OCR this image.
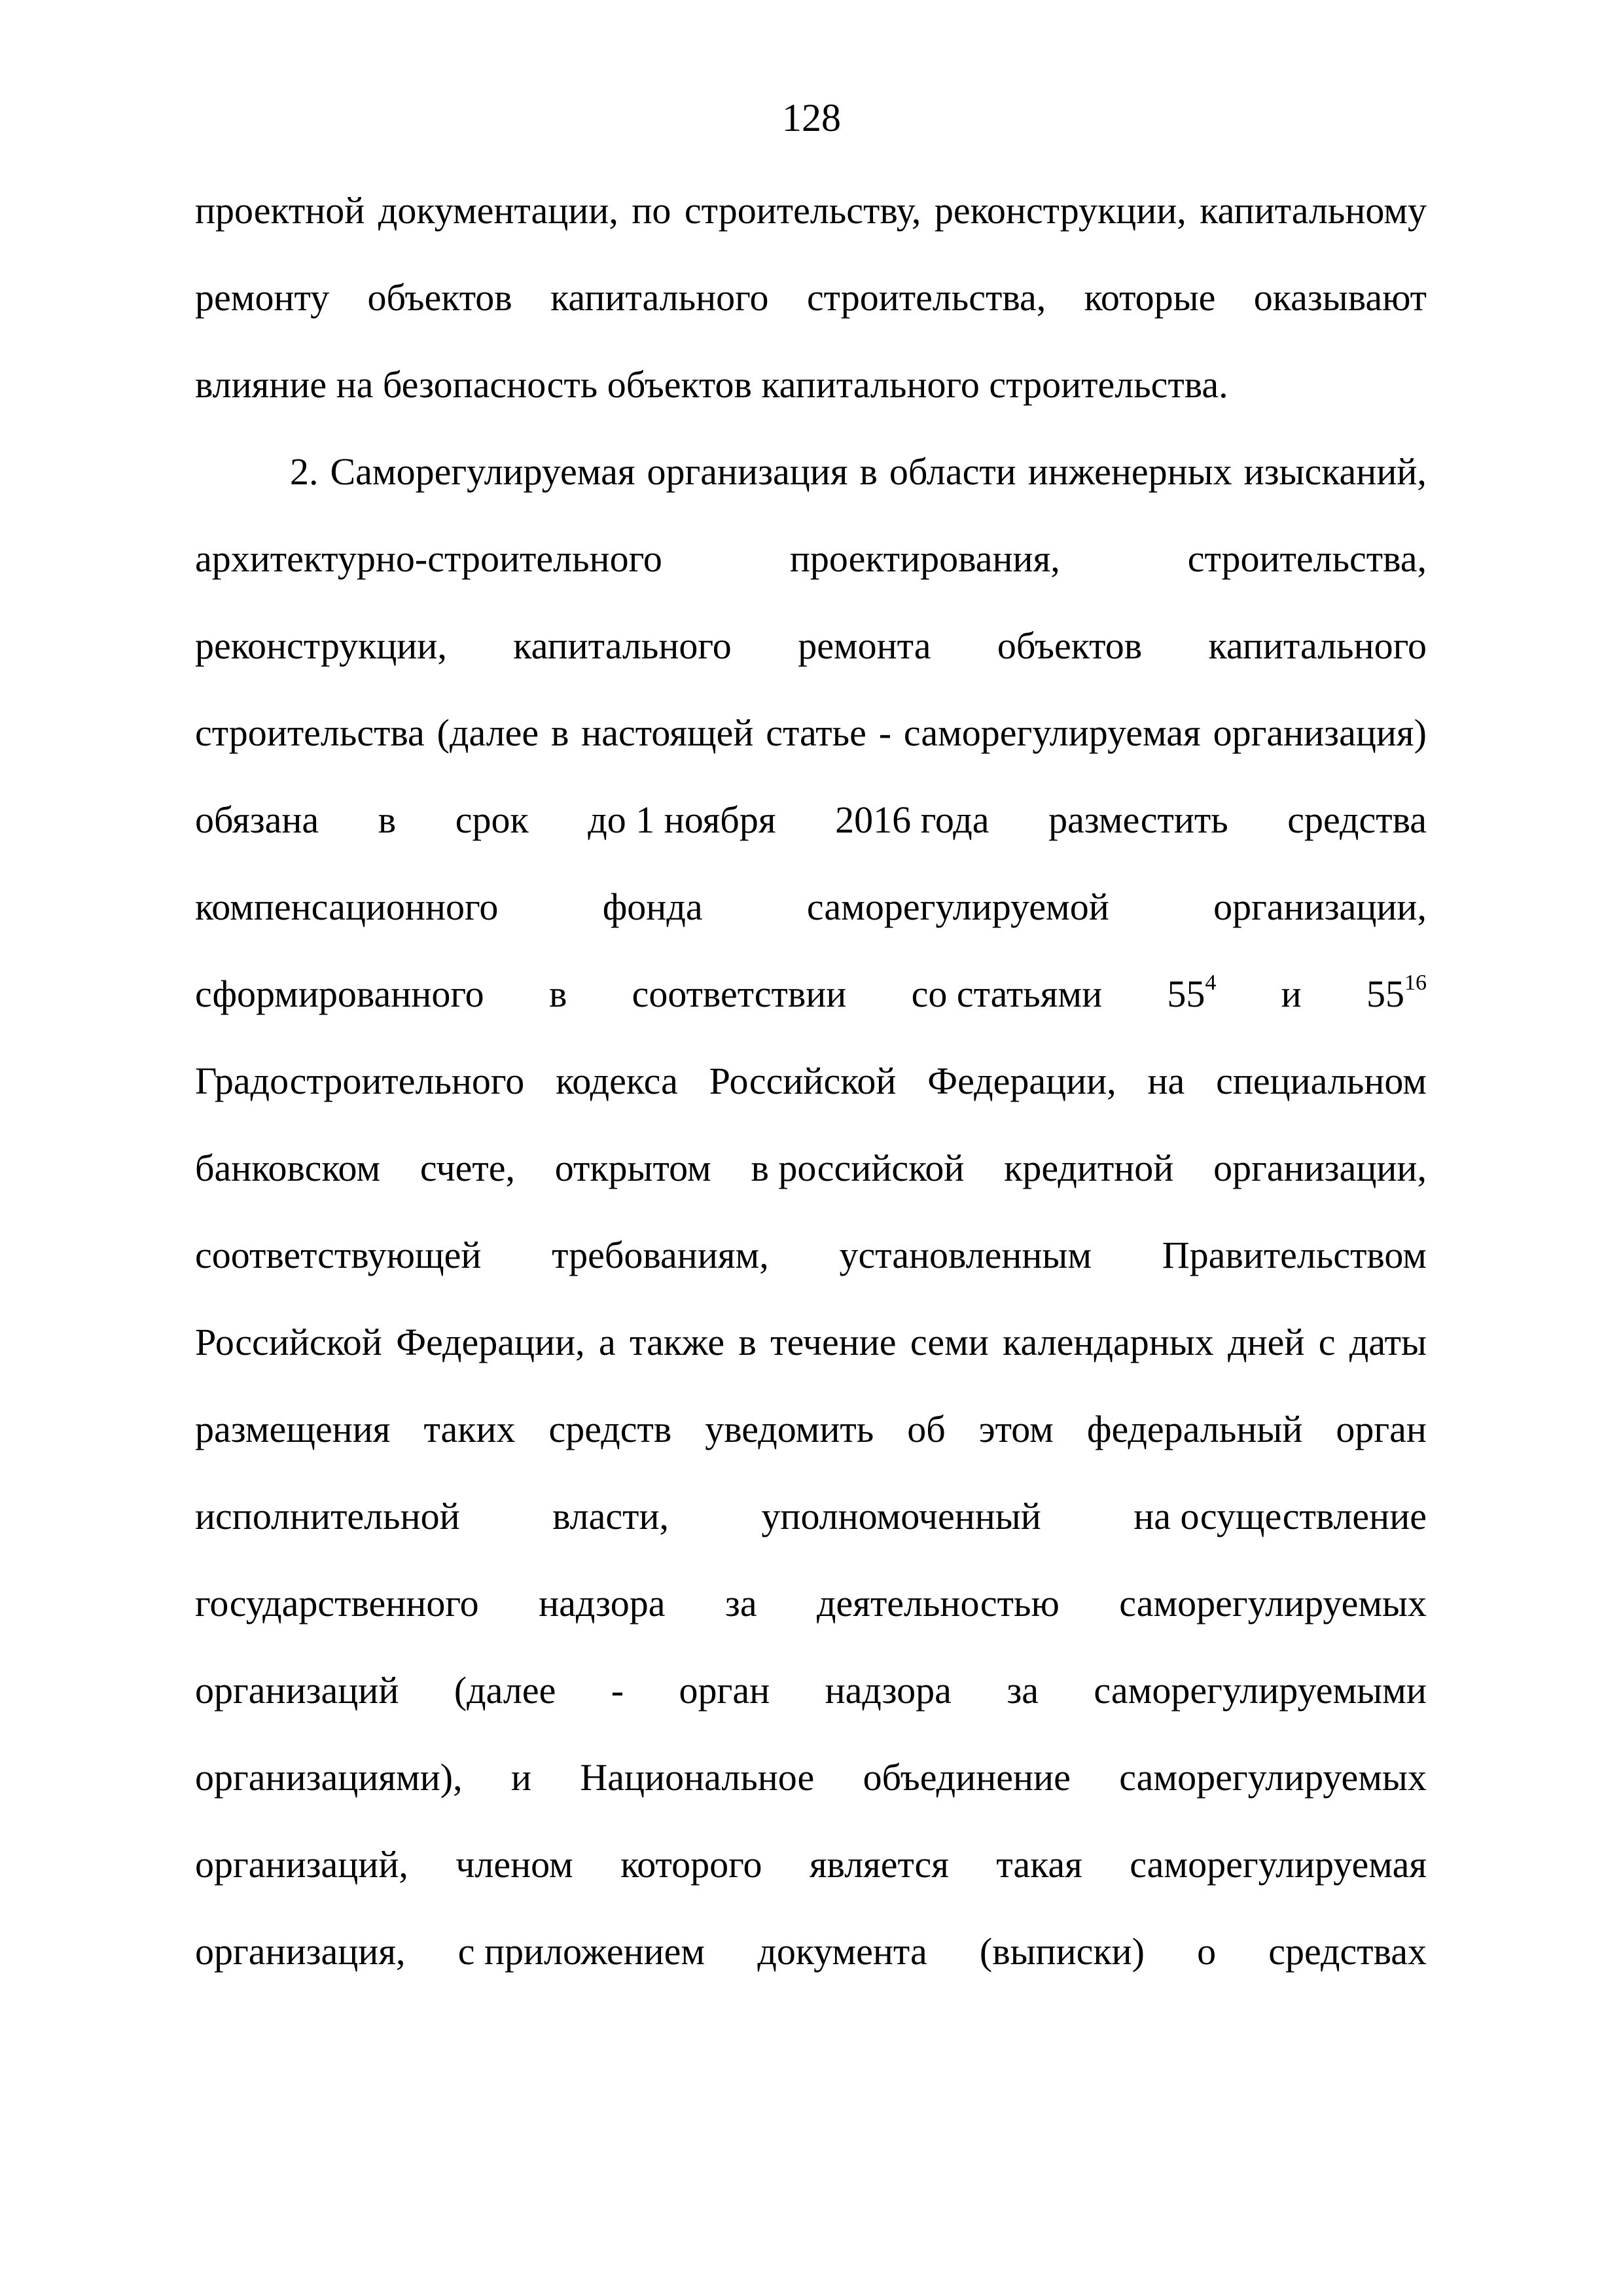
128
проектной документации, по строительству, реконструкции, капитальному
ремонту объектов капитального строительства, которые оказывают
влияние на безопасность объектов капитального строительства.
2. Саморегулируемая организация в области инженерных изысканий,
архитектурно-строительного	проектирования,	строительства,
реконструкции, капитального ремонта объектов капитального
строительства (далее в настоящей статье - саморегулируемая организация)
обязана в срок до 1 ноября 2016 года разместить средства
компенсационного	фонда	саморегулируемой	организации,
сформированного в соответствии со статьями $55^4$ и $55^{16}$
Градостроительного кодекса Российской Федерации, на специальном
банковском счете, открытом в российской кредитной организации,
соответствующей требованиям, установленным Правительством
Российской Федерации, а также в течение семи календарных дней с даты
размещения таких средств уведомить об этом федеральный орган
исполнительной власти, уполномоченный на осуществление
государственного надзора за деятельностью саморегулируемых
организаций (далее - орган надзора за саморегулируемыми
организациями), и Национальное объединение саморегулируемых
организаций, членом которого является такая саморегулируемая
организация, с приложением документа (выписки) о средствах
